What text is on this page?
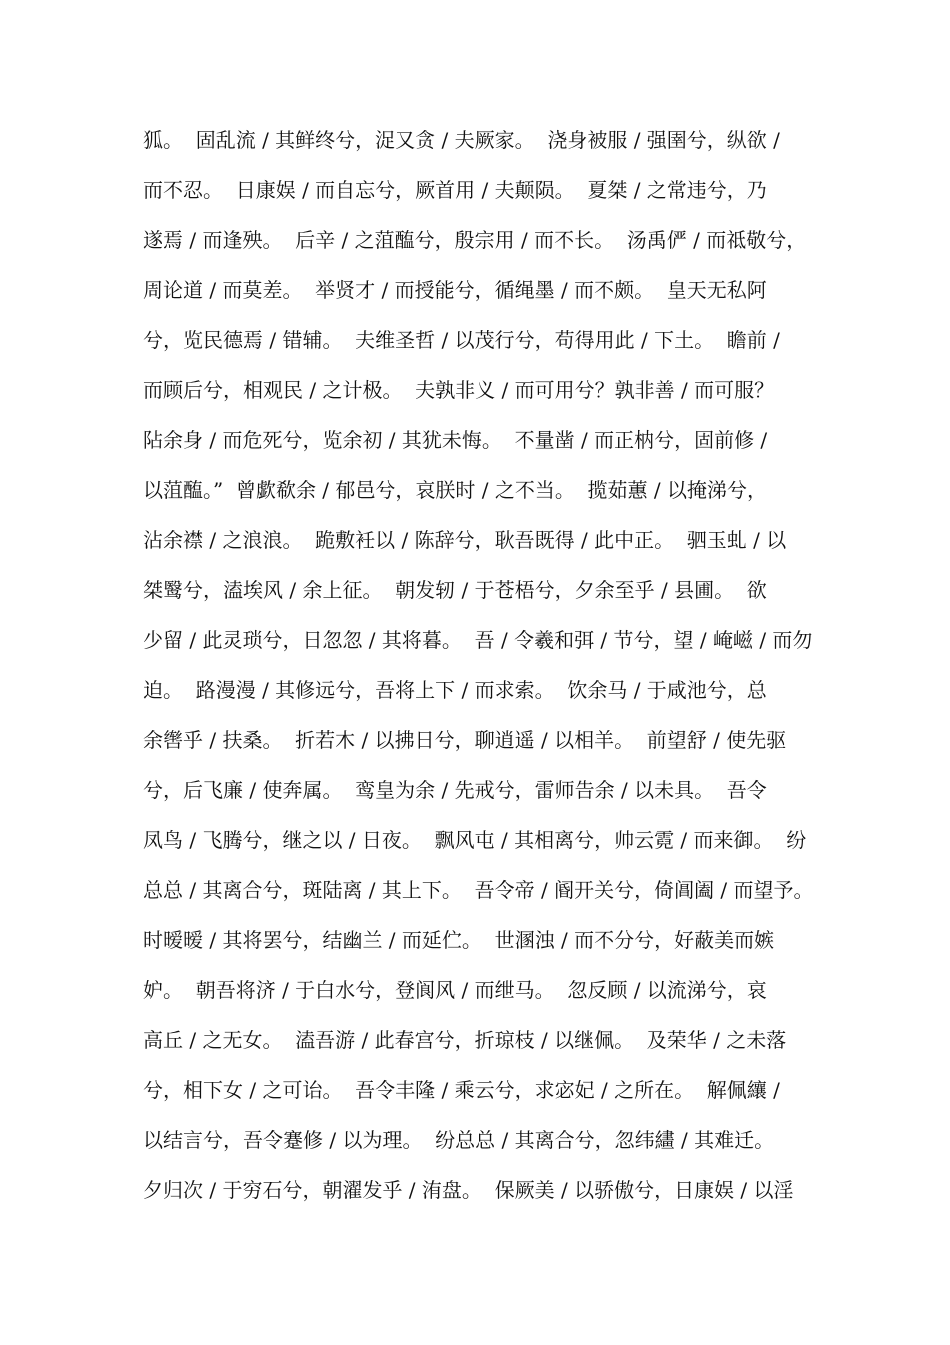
狐。  固乱流 / 其鲜终兮，浞又贪 / 夫厥家。  浇身被服 / 强圉兮，纵欲 /
而不忍。  日康娱 / 而自忘兮，厥首用 / 夫颠陨。  夏桀 / 之常违兮，乃
遂焉 / 而逢殃。  后辛 / 之菹醢兮，殷宗用 / 而不长。  汤禹俨 / 而祗敬兮，
周论道 / 而莫差。  举贤才 / 而授能兮，循绳墨 / 而不颇。  皇天无私阿
兮，览民德焉 / 错辅。  夫维圣哲 / 以茂行兮，苟得用此 / 下土。  瞻前 /
而顾后兮，相观民 / 之计极。  夫孰非义 / 而可用兮？孰非善 / 而可服？
阽余身 / 而危死兮，览余初 / 其犹未悔。  不量凿 / 而正枘兮，固前修 /
以菹醢。”  曾歔欷余 / 郁邑兮，哀朕时 / 之不当。  揽茹蕙 / 以掩涕兮，
沾余襟 / 之浪浪。  跪敷衽以 / 陈辞兮，耿吾既得 / 此中正。  驷玉虬 / 以
桀鹥兮，溘埃风 / 余上征。  朝发轫 / 于苍梧兮，夕余至乎 / 县圃。  欲
少留 / 此灵琐兮，日忽忽 / 其将暮。  吾 / 令羲和弭 / 节兮，望 / 崦嵫 / 而勿
迫。  路漫漫 / 其修远兮，吾将上下 / 而求索。  饮余马 / 于咸池兮，总
余辔乎 / 扶桑。  折若木 / 以拂日兮，聊逍遥 / 以相羊。  前望舒 / 使先驱
兮，后飞廉 / 使奔属。  鸾皇为余 / 先戒兮，雷师告余 / 以未具。  吾令
凤鸟 / 飞腾兮，继之以 / 日夜。  飘风屯 / 其相离兮，帅云霓 / 而来御。  纷
总总 / 其离合兮，斑陆离 / 其上下。  吾令帝 / 阍开关兮，倚阊阖 / 而望予。
时暧暧 / 其将罢兮，结幽兰 / 而延伫。  世溷浊 / 而不分兮，好蔽美而嫉
妒。  朝吾将济 / 于白水兮，登阆风 / 而绁马。  忽反顾 / 以流涕兮，哀
高丘 / 之无女。  溘吾游 / 此春宫兮，折琼枝 / 以继佩。  及荣华 / 之未落
兮，相下女 / 之可诒。  吾令丰隆 / 乘云兮，求宓妃 / 之所在。  解佩纕 /
以结言兮，吾令蹇修 / 以为理。  纷总总 / 其离合兮，忽纬繣 / 其难迁。
夕归次 / 于穷石兮，朝濯发乎 / 洧盘。  保厥美 / 以骄傲兮，日康娱 / 以淫
